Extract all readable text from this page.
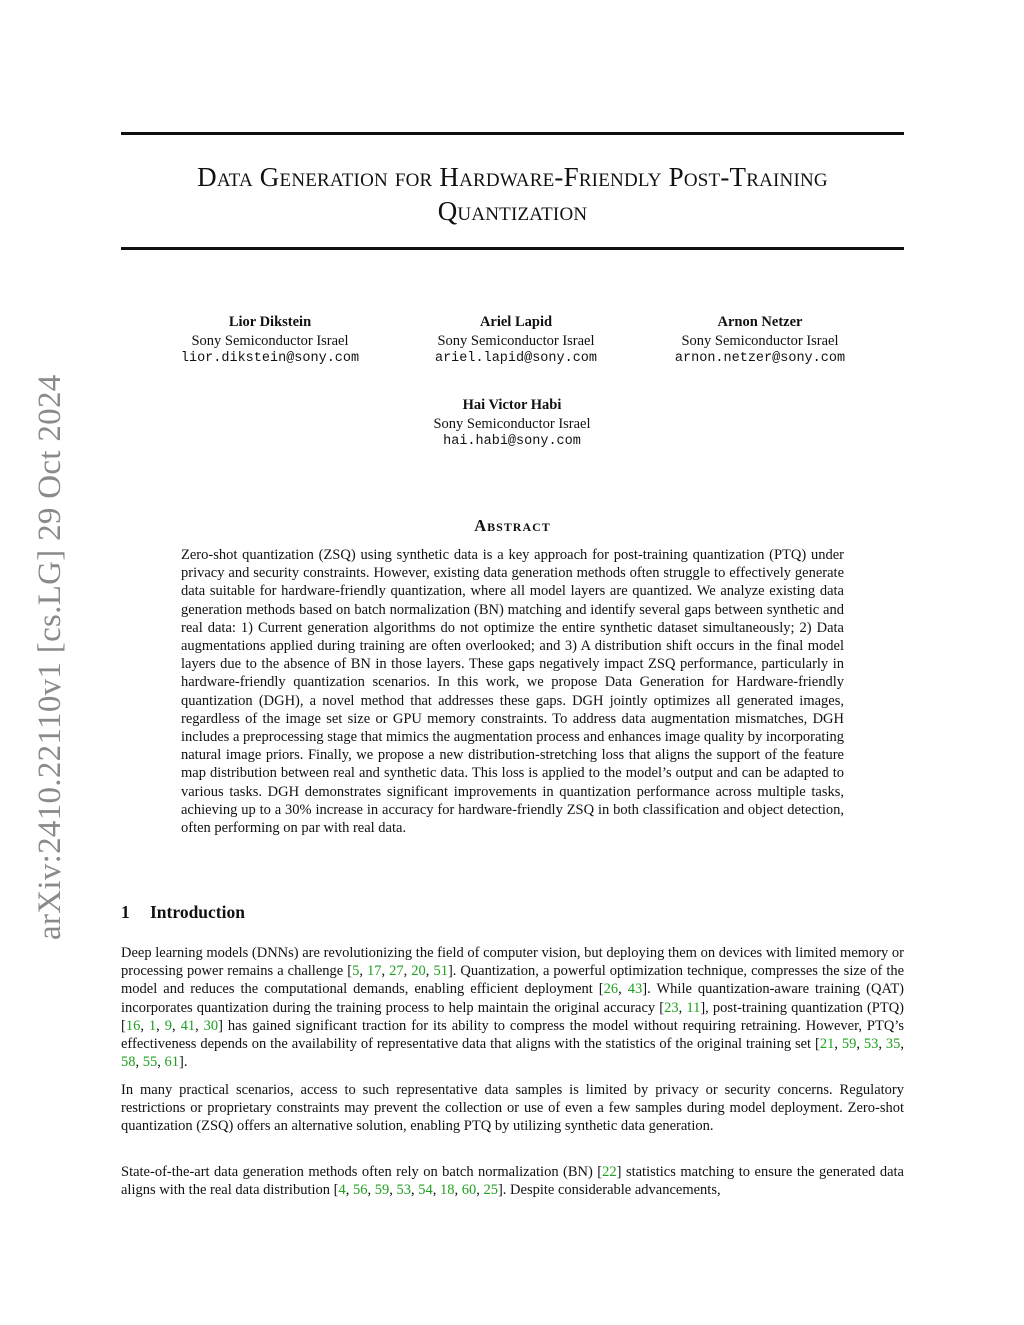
arXiv:2410.22110v1 [cs.LG] 29 Oct 2024
Data Generation for Hardware-Friendly Post-Training
Quantization
Lior Dikstein
Sony Semiconductor Israel
lior.dikstein@sony.com
Ariel Lapid
Sony Semiconductor Israel
ariel.lapid@sony.com
Arnon Netzer
Sony Semiconductor Israel
arnon.netzer@sony.com
Hai Victor Habi
Sony Semiconductor Israel
hai.habi@sony.com
Abstract

Zero-shot quantization (ZSQ) using synthetic data is a key approach for post-training quantization (PTQ) under privacy and security constraints. However, existing data generation methods often struggle to effectively generate data suitable for hardware-friendly quantization, where all model layers are quantized. We analyze existing data generation methods based on batch normalization (BN) matching and identify several gaps between synthetic and real data: 1) Current generation algorithms do not optimize the entire synthetic dataset simultaneously; 2) Data augmentations applied during training are often overlooked; and 3) A distribution shift occurs in the final model layers due to the absence of BN in those layers. These gaps negatively impact ZSQ performance, particularly in hardware-friendly quantization scenarios. In this work, we propose Data Generation for Hardware-friendly quantization (DGH), a novel method that addresses these gaps. DGH jointly optimizes all generated images, regardless of the image set size or GPU memory constraints. To address data augmentation mismatches, DGH includes a preprocessing stage that mimics the augmentation process and enhances image quality by incorporating natural image priors. Finally, we propose a new distribution-stretching loss that aligns the support of the feature map distribution between real and synthetic data. This loss is applied to the model’s output and can be adapted to various tasks. DGH demonstrates significant improvements in quantization performance across multiple tasks, achieving up to a 30% increase in accuracy for hardware-friendly ZSQ in both classification and object detection, often performing on par with real data.

1 Introduction

Deep learning models (DNNs) are revolutionizing the field of computer vision, but deploying them on devices with limited memory or processing power remains a challenge [5, 17, 27, 20, 51]. Quantization, a powerful optimization technique, compresses the size of the model and reduces the computational demands, enabling efficient deployment [26, 43]. While quantization-aware training (QAT) incorporates quantization during the training process to help maintain the original accuracy [23, 11], post-training quantization (PTQ)[16, 1, 9, 41, 30] has gained significant traction for its ability to compress the model without requiring retraining. However, PTQ’s effectiveness depends on the availability of representative data that aligns with the statistics of the original training set [21, 59, 53, 35, 58, 55, 61].

In many practical scenarios, access to such representative data samples is limited by privacy or security concerns. Regulatory restrictions or proprietary constraints may prevent the collection or use of even a few samples during model deployment. Zero-shot quantization (ZSQ) offers an alternative solution, enabling PTQ by utilizing synthetic data generation.

State-of-the-art data generation methods often rely on batch normalization (BN) [22] statistics matching to ensure the generated data aligns with the real data distribution [4, 56, 59, 53, 54, 18, 60, 25]. Despite considerable advancements,
